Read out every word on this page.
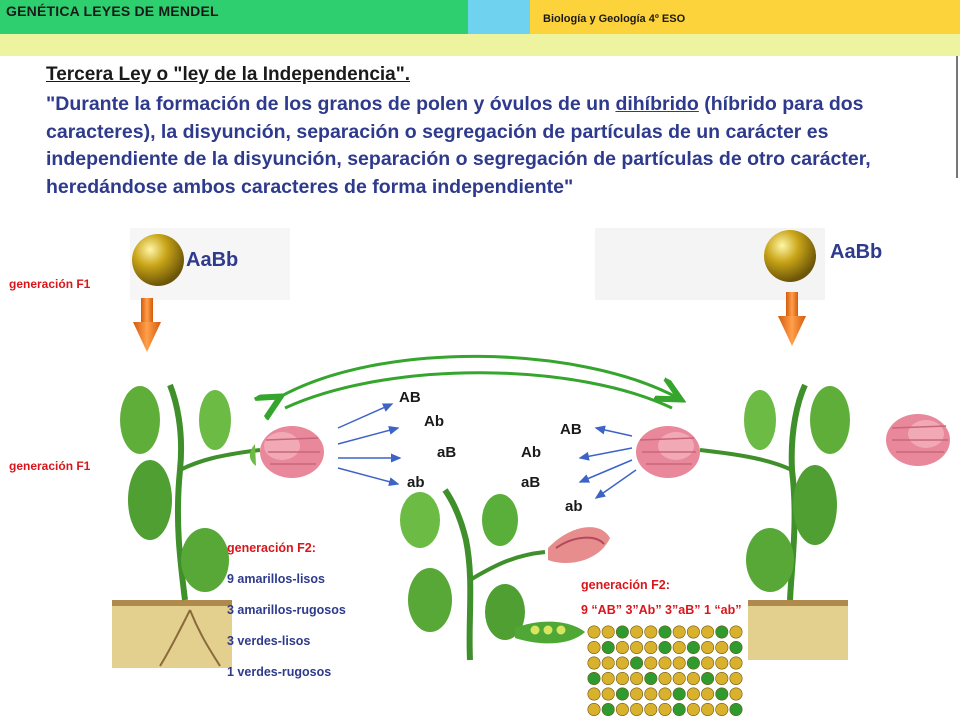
GENÉTICA LEYES DE MENDEL	Biología y Geología 4º ESO
Tercera Ley o "ley de la Independencia".
"Durante la formación de los granos de polen y óvulos de un dihíbrido (híbrido para dos caracteres), la disyunción, separación o segregación de partículas de un carácter es independiente de la disyunción, separación o segregación de partículas de otro carácter, heredándose ambos caracteres de forma independiente"
generación F1
generación F1
AaBb	AaBb
AB
Ab
aB
ab
AB
Ab
aB
ab
generación F2:
9 amarillos-lisos
3 amarillos-rugosos
3 verdes-lisos
1 verdes-rugosos
generación F2:
9 “AB” 3”Ab” 3”aB” 1 “ab”
